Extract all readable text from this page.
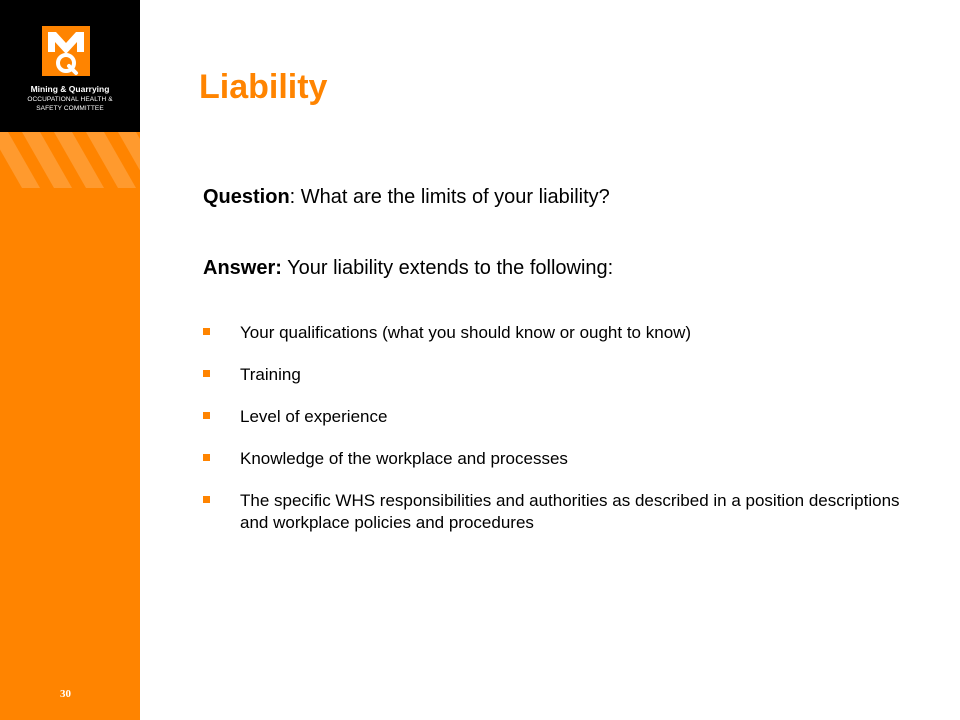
Mining & Quarrying
OCCUPATIONAL HEALTH &
SAFETY COMMITTEE
30
Liability

Question: What are the limits of your liability?

Answer: Your liability extends to the following:

Your qualifications (what you should know or ought to know)
Training
Level of experience
Knowledge of the workplace and processes
The specific WHS responsibilities and authorities as described in a position descriptions and workplace policies and procedures
